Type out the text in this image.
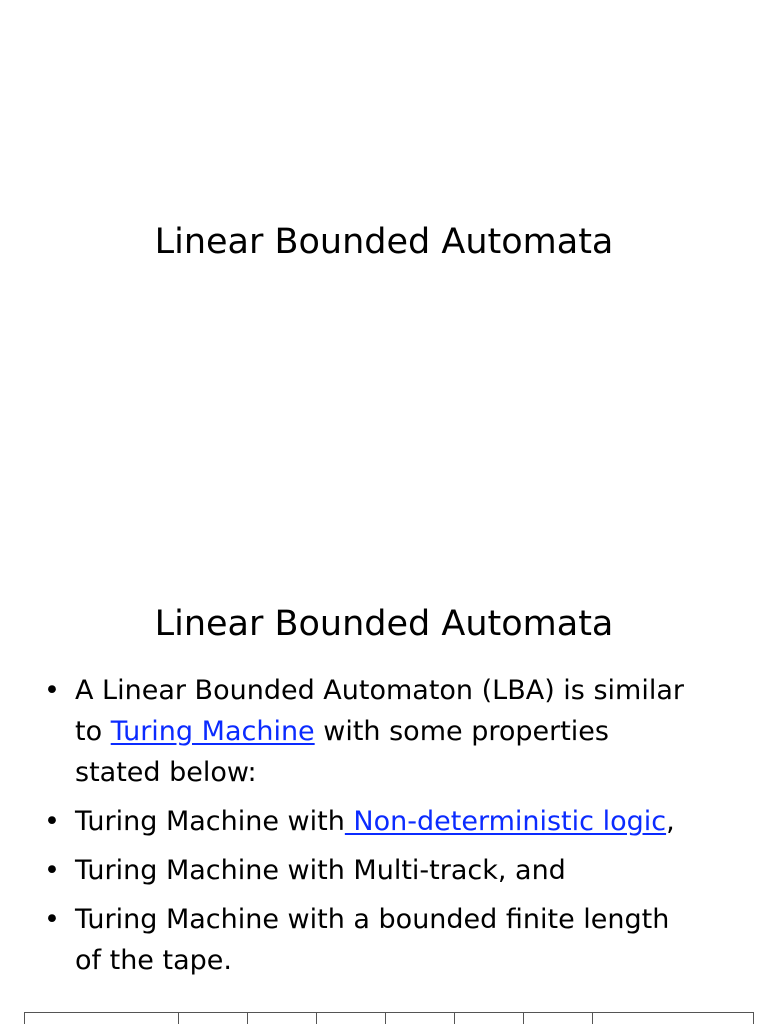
Linear Bounded Automata
Linear Bounded Automata
• A Linear Bounded Automaton (LBA) is similar
to Turing Machine with some properties
stated below:
• Turing Machine with Non-deterministic logic,
• Turing Machine with Multi-track, and
• Turing Machine with a bounded finite length
of the tape.
